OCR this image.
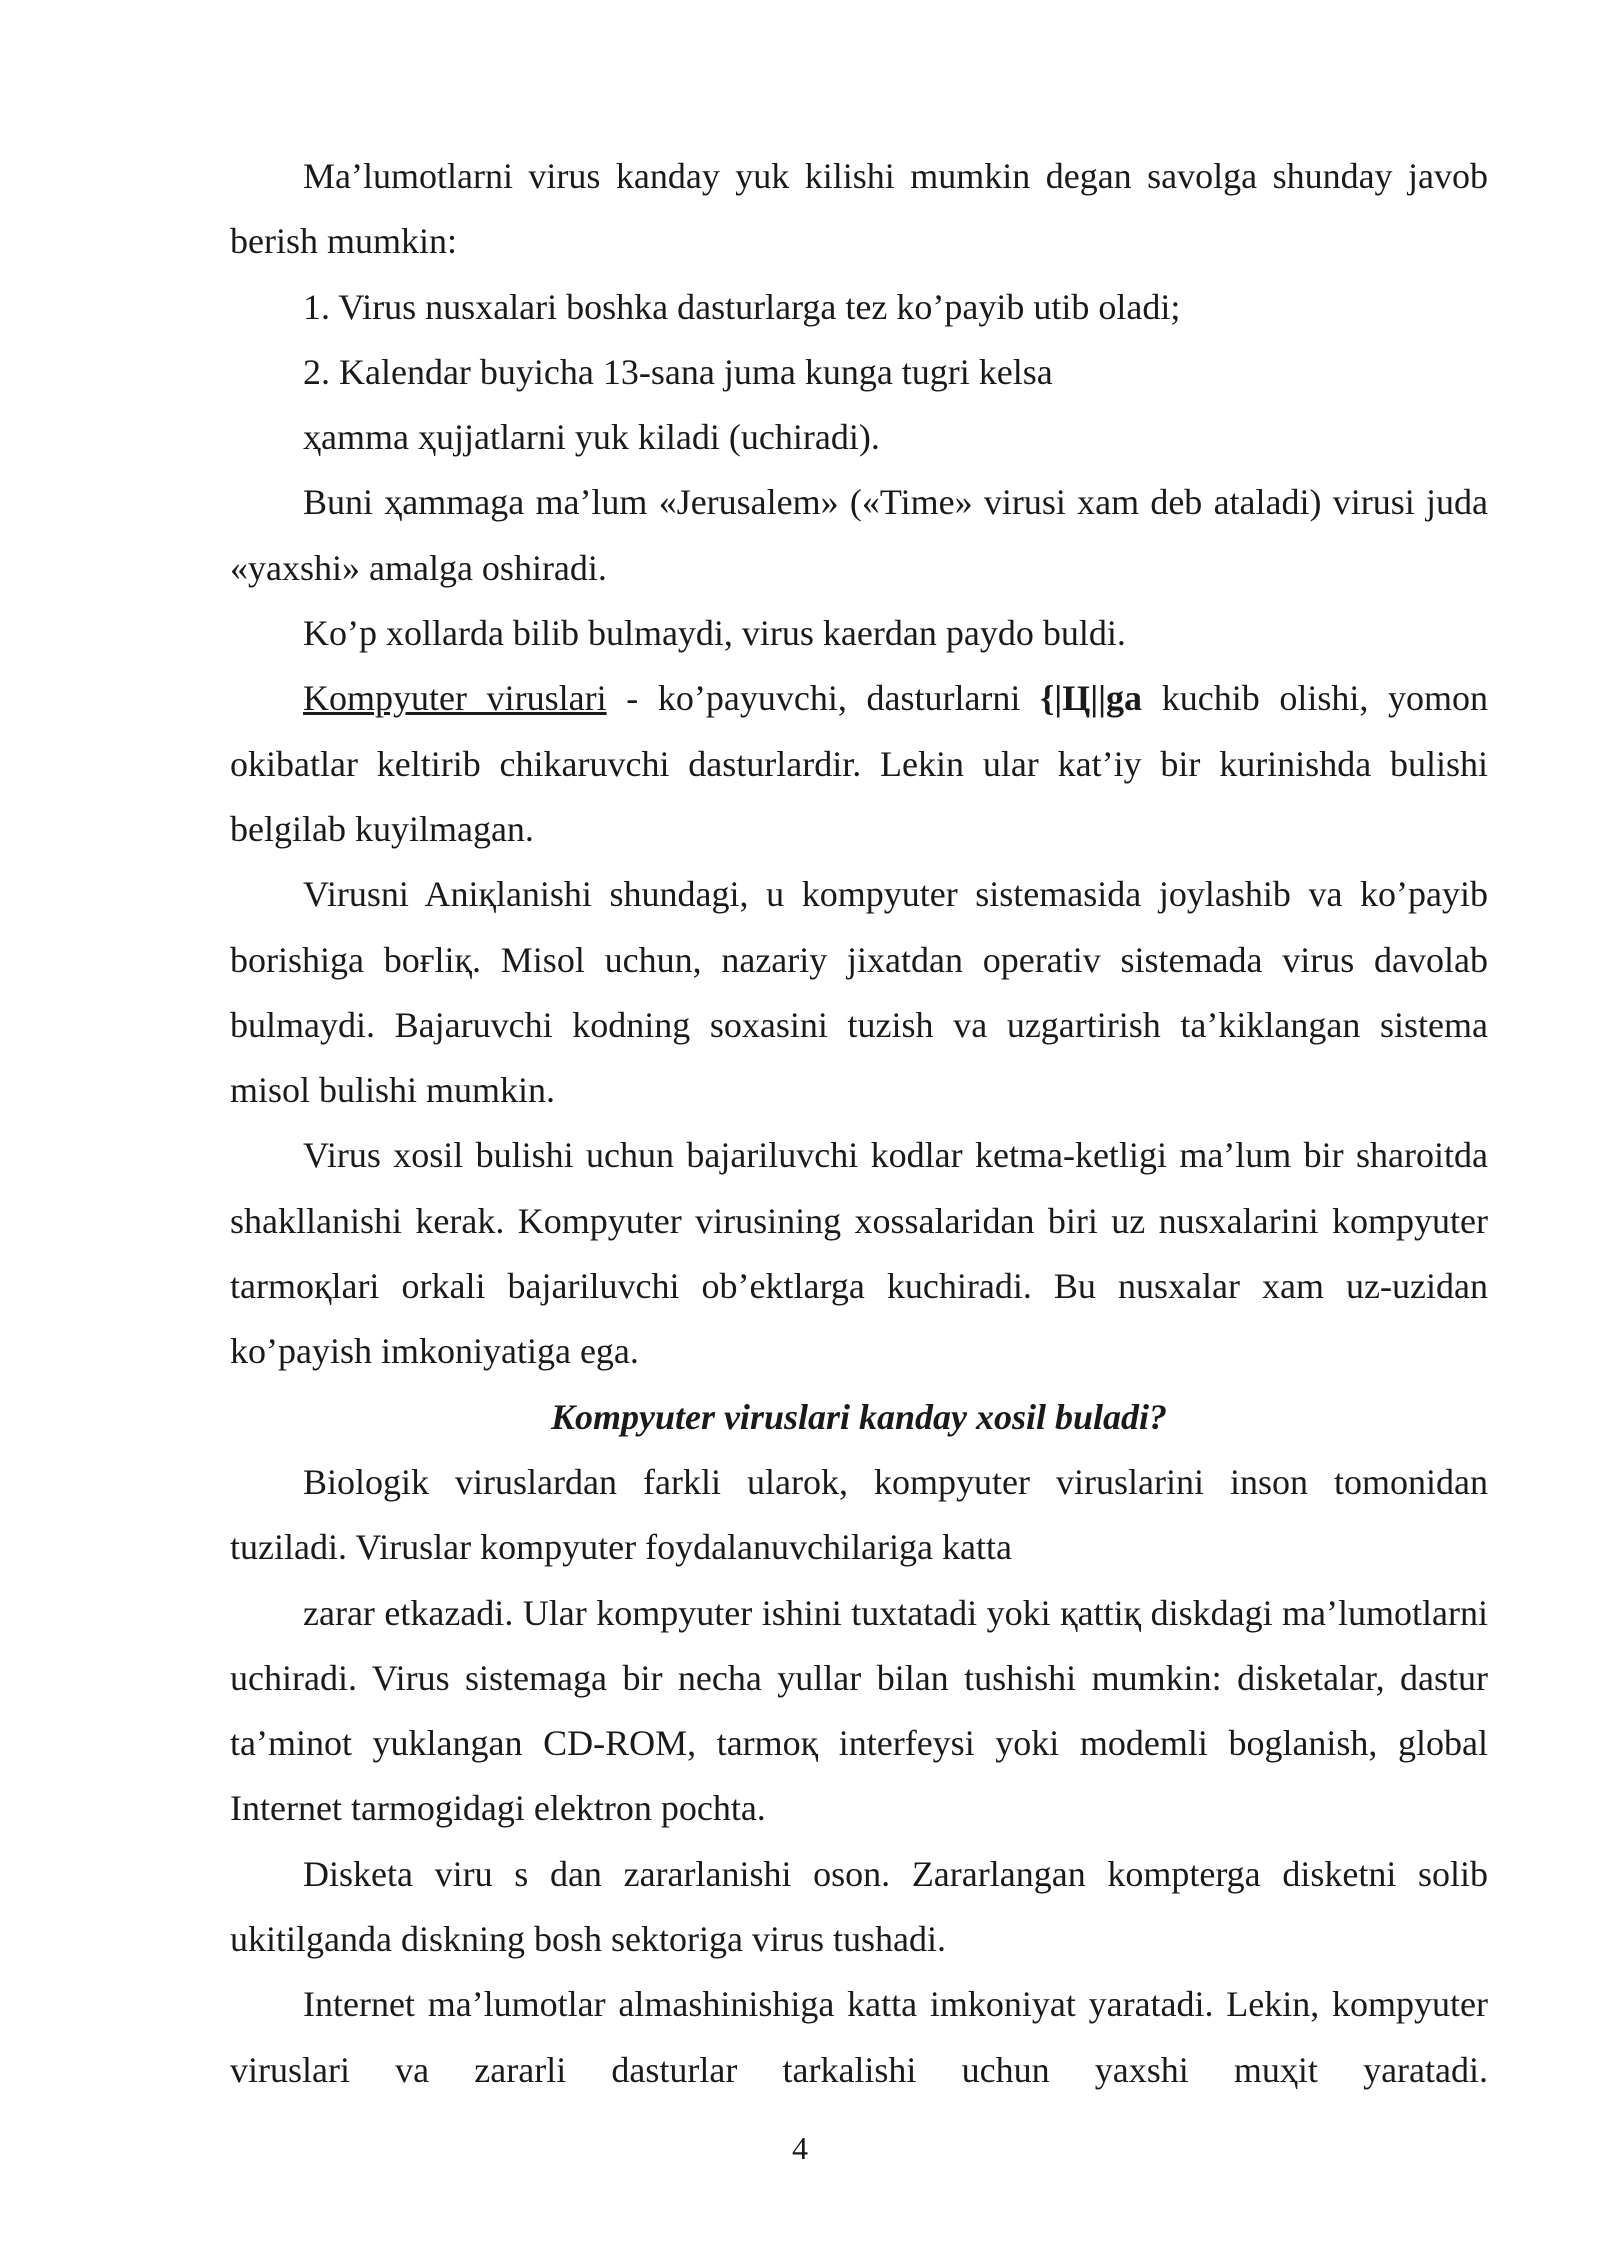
Ma’lumotlarni virus kanday yuk kilishi mumkin degan savolga shunday javob berish mumkin:

1. Virus nusxalari boshka dasturlarga tez ko’payib utib oladi;

2. Kalendar buyicha 13-sana juma kunga tugri kelsa

ҳamma ҳujjatlarni yuk kiladi (uchiradi).

Buni ҳammaga ma’lum «Jerusalem» («Time» virusi xam deb ataladi) virusi juda «yaxshi» amalga oshiradi.

Ko’p xollarda bilib bulmaydi, virus kaerdan paydo buldi.

Kompyuter viruslari - ko’payuvchi, dasturlarni {|Ц||ga kuchib olishi, yomon okibatlar keltirib chikaruvchi dasturlardir. Lekin ular kat’iy bir kurinishda bulishi belgilab kuyilmagan.

Virusni Aniқlanishi shundagi, u kompyuter sistemasida joylashib va ko’payib borishiga boғliқ. Misol uchun, nazariy jixatdan operativ sistemada virus davolab bulmaydi. Bajaruvchi kodning soxasini tuzish va uzgartirish ta’kiklangan sistema misol bulishi mumkin.

Virus xosil bulishi uchun bajariluvchi kodlar ketma-ketligi ma’lum bir sharoitda shakllanishi kerak. Kompyuter virusining xossalaridan biri uz nusxalarini kompyuter tarmoқlari orkali bajariluvchi ob’ektlarga kuchiradi. Bu nusxalar xam uz-uzidan ko’payish imkoniyatiga ega.

Kompyuter viruslari kanday xosil buladi?

Biologik viruslardan farkli ularok, kompyuter viruslarini inson tomonidan tuziladi. Viruslar kompyuter foydalanuvchilariga katta

zarar etkazadi. Ular kompyuter ishini tuxtatadi yoki қattiқ diskdagi ma’lumotlarni uchiradi. Virus sistemaga bir necha yullar bilan tushishi mumkin: disketalar, dastur ta’minot yuklangan CD-ROM, tarmoқ interfeysi yoki modemli boglanish, global Internet tarmogidagi elektron pochta.

Disketa viru s dan zararlanishi oson. Zararlangan kompterga disketni solib ukitilganda diskning bosh sektoriga virus tushadi.

Internet ma’lumotlar almashinishiga katta imkoniyat yaratadi. Lekin, kompyuter viruslari va zararli dasturlar tarkalishi uchun yaxshi muҳit yaratadi.

4
